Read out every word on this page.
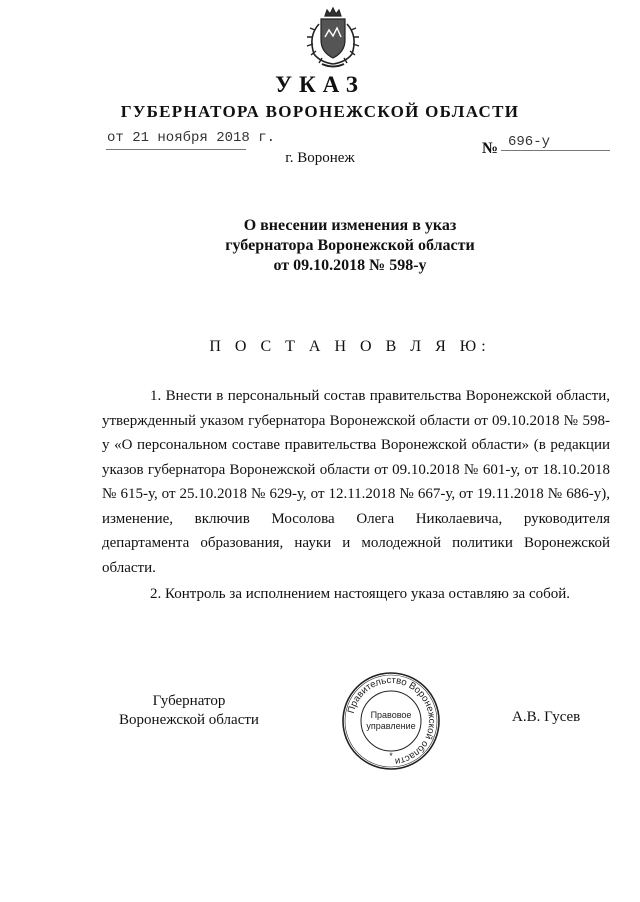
УКАЗ
ГУБЕРНАТОРА ВОРОНЕЖСКОЙ ОБЛАСТИ
от 21 ноября 2018 г.
№ 696-у
г. Воронеж
О внесении изменения в указ
губернатора Воронежской области
от 09.10.2018 № 598-у
П О С Т А Н О В Л Я Ю:

1. Внести в персональный состав правительства Воронежской области, утвержденный указом губернатора Воронежской области от 09.10.2018 № 598-у «О персональном составе правительства Воронежской области» (в редакции указов губернатора Воронежской области от 09.10.2018 № 601-у, от 18.10.2018 № 615-у, от 25.10.2018 № 629-у, от 12.11.2018 № 667-у, от 19.11.2018 № 686-у), изменение, включив Мосолова Олега Николаевича, руководителя департамента образования, науки и молодежной политики Воронежской области.

2. Контроль за исполнением настоящего указа оставляю за собой.

Губернатор
Воронежской области
Правительство Воронежской области
Правовое
управление
*
А.В. Гусев
